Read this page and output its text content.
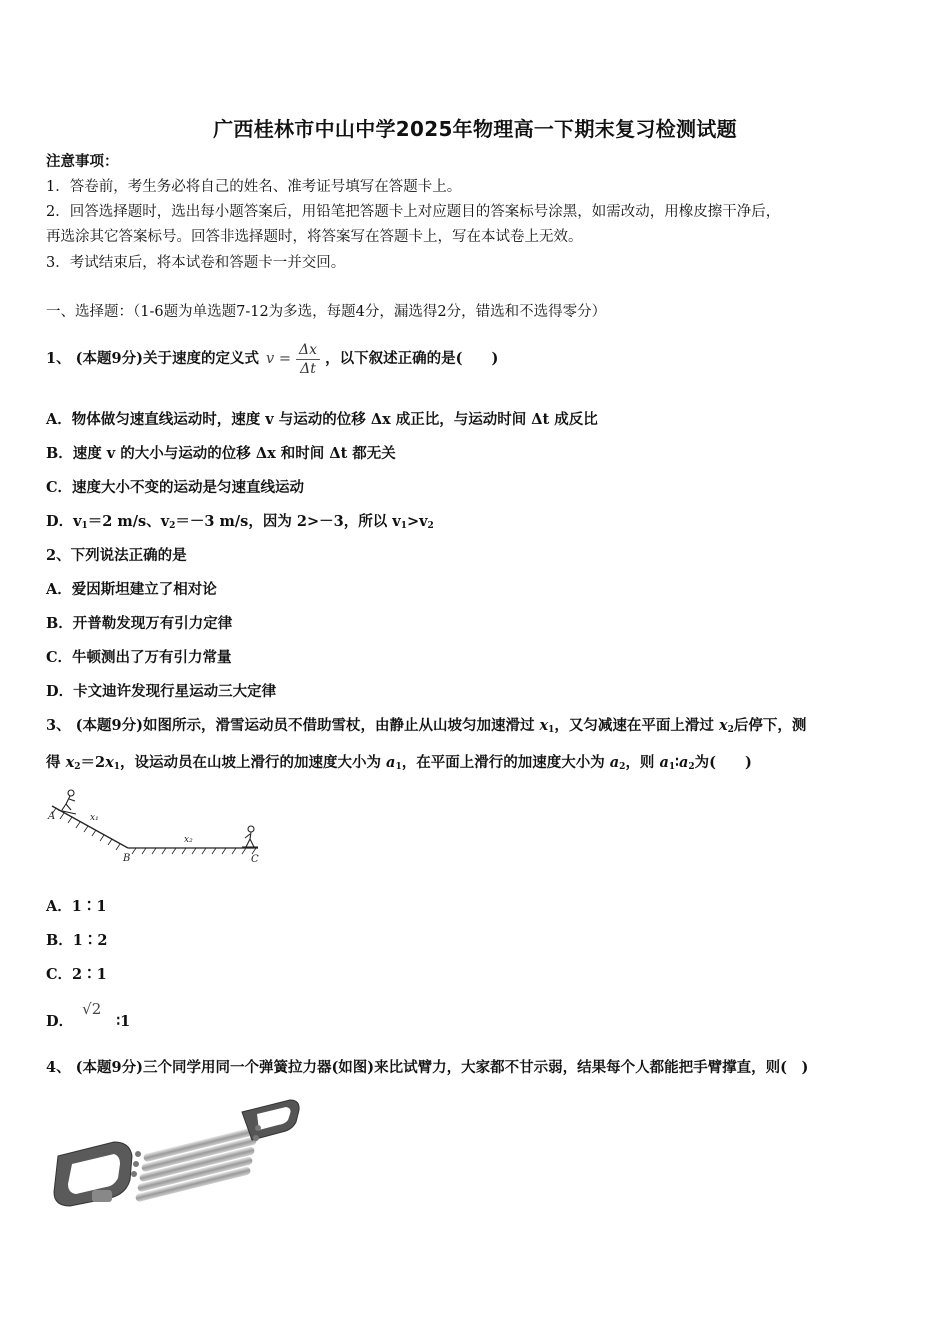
广西桂林市中山中学2025年物理高一下期末复习检测试题
注意事项：
1．答卷前，考生务必将自己的姓名、准考证号填写在答题卡上。
2．回答选择题时，选出每小题答案后，用铅笔把答题卡上对应题目的答案标号涂黑，如需改动，用橡皮擦干净后，
再选涂其它答案标号。回答非选择题时，将答案写在答题卡上，写在本试卷上无效。
3．考试结束后，将本试卷和答题卡一并交回。
一、选择题：（1-6题为单选题7-12为多选，每题4分，漏选得2分，错选和不选得零分）
1、 (本题9分)关于速度的定义式 $v = \frac{\Delta x}{\Delta t}$ ，以下叙述正确的是(　　)
A．物体做匀速直线运动时，速度 v 与运动的位移 Δx 成正比，与运动时间 Δt 成反比
B．速度 v 的大小与运动的位移 Δx 和时间 Δt 都无关
C．速度大小不变的运动是匀速直线运动
D．$v_1=2$ m/s、$v_2=-3$ m/s，因为 2>－3，所以 $v_1>v_2$
2、下列说法正确的是
A．爱因斯坦建立了相对论
B．开普勒发现万有引力定律
C．牛顿测出了万有引力常量
D．卡文迪许发现行星运动三大定律
3、 (本题9分)如图所示，滑雪运动员不借助雪杖，由静止从山坡匀加速滑过 $x_1$，又匀减速在平面上滑过 $x_2$后停下，测
得 $x_2=2x_1$，设运动员在山坡上滑行的加速度大小为 $a_1$，在平面上滑行的加速度大小为 $a_2$，则 $a_1∶a_2$为(　　)
A	x₁
B
x₂
C
A．1∶1
B．1∶2
C．2∶1
D． √2 ∶1
4、 (本题9分)三个同学用同一个弹簧拉力器(如图)来比试臂力，大家都不甘示弱，结果每个人都能把手臂撑直，则(　)
